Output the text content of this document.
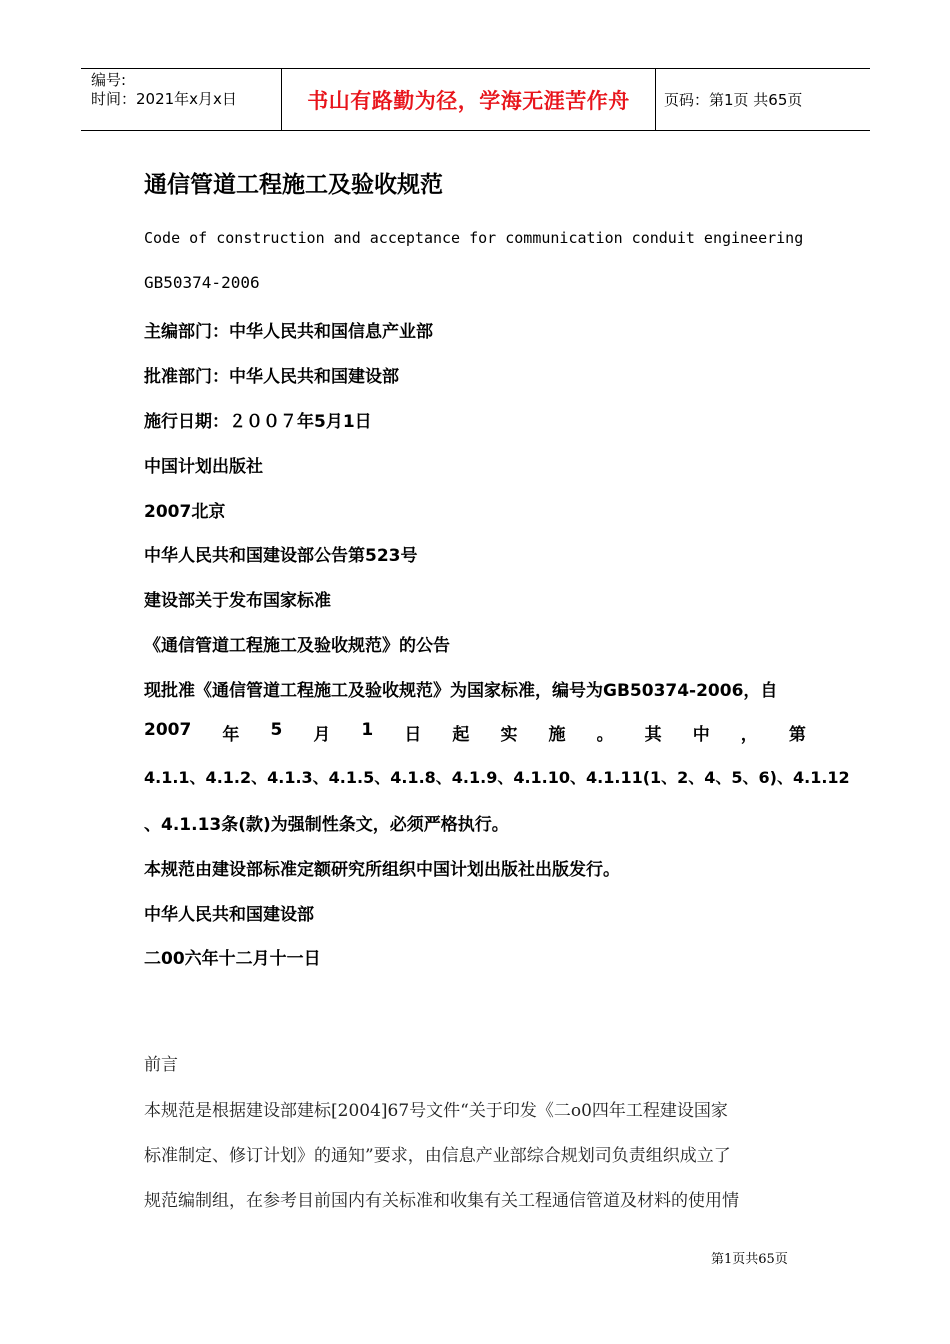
编号:
时间：2021年x月x日	书山有路勤为径，学海无涯苦作舟	页码：第1页 共65页
通信管道工程施工及验收规范
Code of construction and acceptance for communication conduit engineering
GB50374-2006
主编部门：中华人民共和国信息产业部
批准部门：中华人民共和国建设部
施行日期：２００７年5月1日
中国计划出版社
2007北京
中华人民共和国建设部公告第523号
建设部关于发布国家标准
《通信管道工程施工及验收规范》的公告
现批准《通信管道工程施工及验收规范》为国家标准，编号为GB50374-2006，自
2007 年 5 月 1 日 起 实 施 。 其 中 ， 第
4.1.1、4.1.2、4.1.3、4.1.5、4.1.8、4.1.9、4.1.10、4.1.11(1、2、4、5、6)、4.1.12
、4.1.13条(款)为强制性条文，必须严格执行。
本规范由建设部标准定额研究所组织中国计划出版社出版发行。
中华人民共和国建设部
二00六年十二月十一日
前言
本规范是根据建设部建标[2004]67号文件“关于印发《二o0四年工程建设国家
标准制定、修订计划》的通知”要求，由信息产业部综合规划司负责组织成立了
规范编制组，在参考目前国内有关标准和收集有关工程通信管道及材料的使用情
第1页共65页
